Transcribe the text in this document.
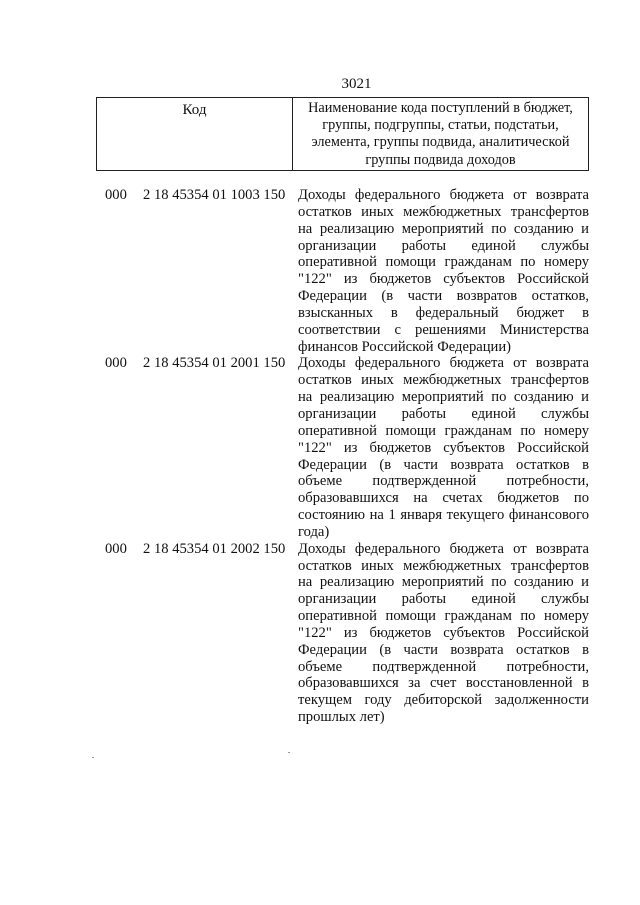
3021
Код	Наименование кода поступлений в бюджет, группы, подгруппы, статьи, подстатьи, элемента, группы подвида, аналитической группы подвида доходов
000 2 18 45354 01 1003 150 Доходы федерального бюджета от возврата остатков иных межбюджетных трансфертов на реализацию мероприятий по созданию и организации работы единой службы оперативной помощи гражданам по номеру "122" из бюджетов субъектов Российской Федерации (в части возвратов остатков, взысканных в федеральный бюджет в соответствии с решениями Министерства финансов Российской Федерации)
000 2 18 45354 01 2001 150 Доходы федерального бюджета от возврата остатков иных межбюджетных трансфертов на реализацию мероприятий по созданию и организации работы единой службы оперативной помощи гражданам по номеру "122" из бюджетов субъектов Российской Федерации (в части возврата остатков в объеме подтвержденной потребности, образовавшихся на счетах бюджетов по состоянию на 1 января текущего финансового года)
000 2 18 45354 01 2002 150 Доходы федерального бюджета от возврата остатков иных межбюджетных трансфертов на реализацию мероприятий по созданию и организации работы единой службы оперативной помощи гражданам по номеру "122" из бюджетов субъектов Российской Федерации (в части возврата остатков в объеме подтвержденной потребности, образовавшихся за счет восстановленной в текущем году дебиторской задолженности прошлых лет)
